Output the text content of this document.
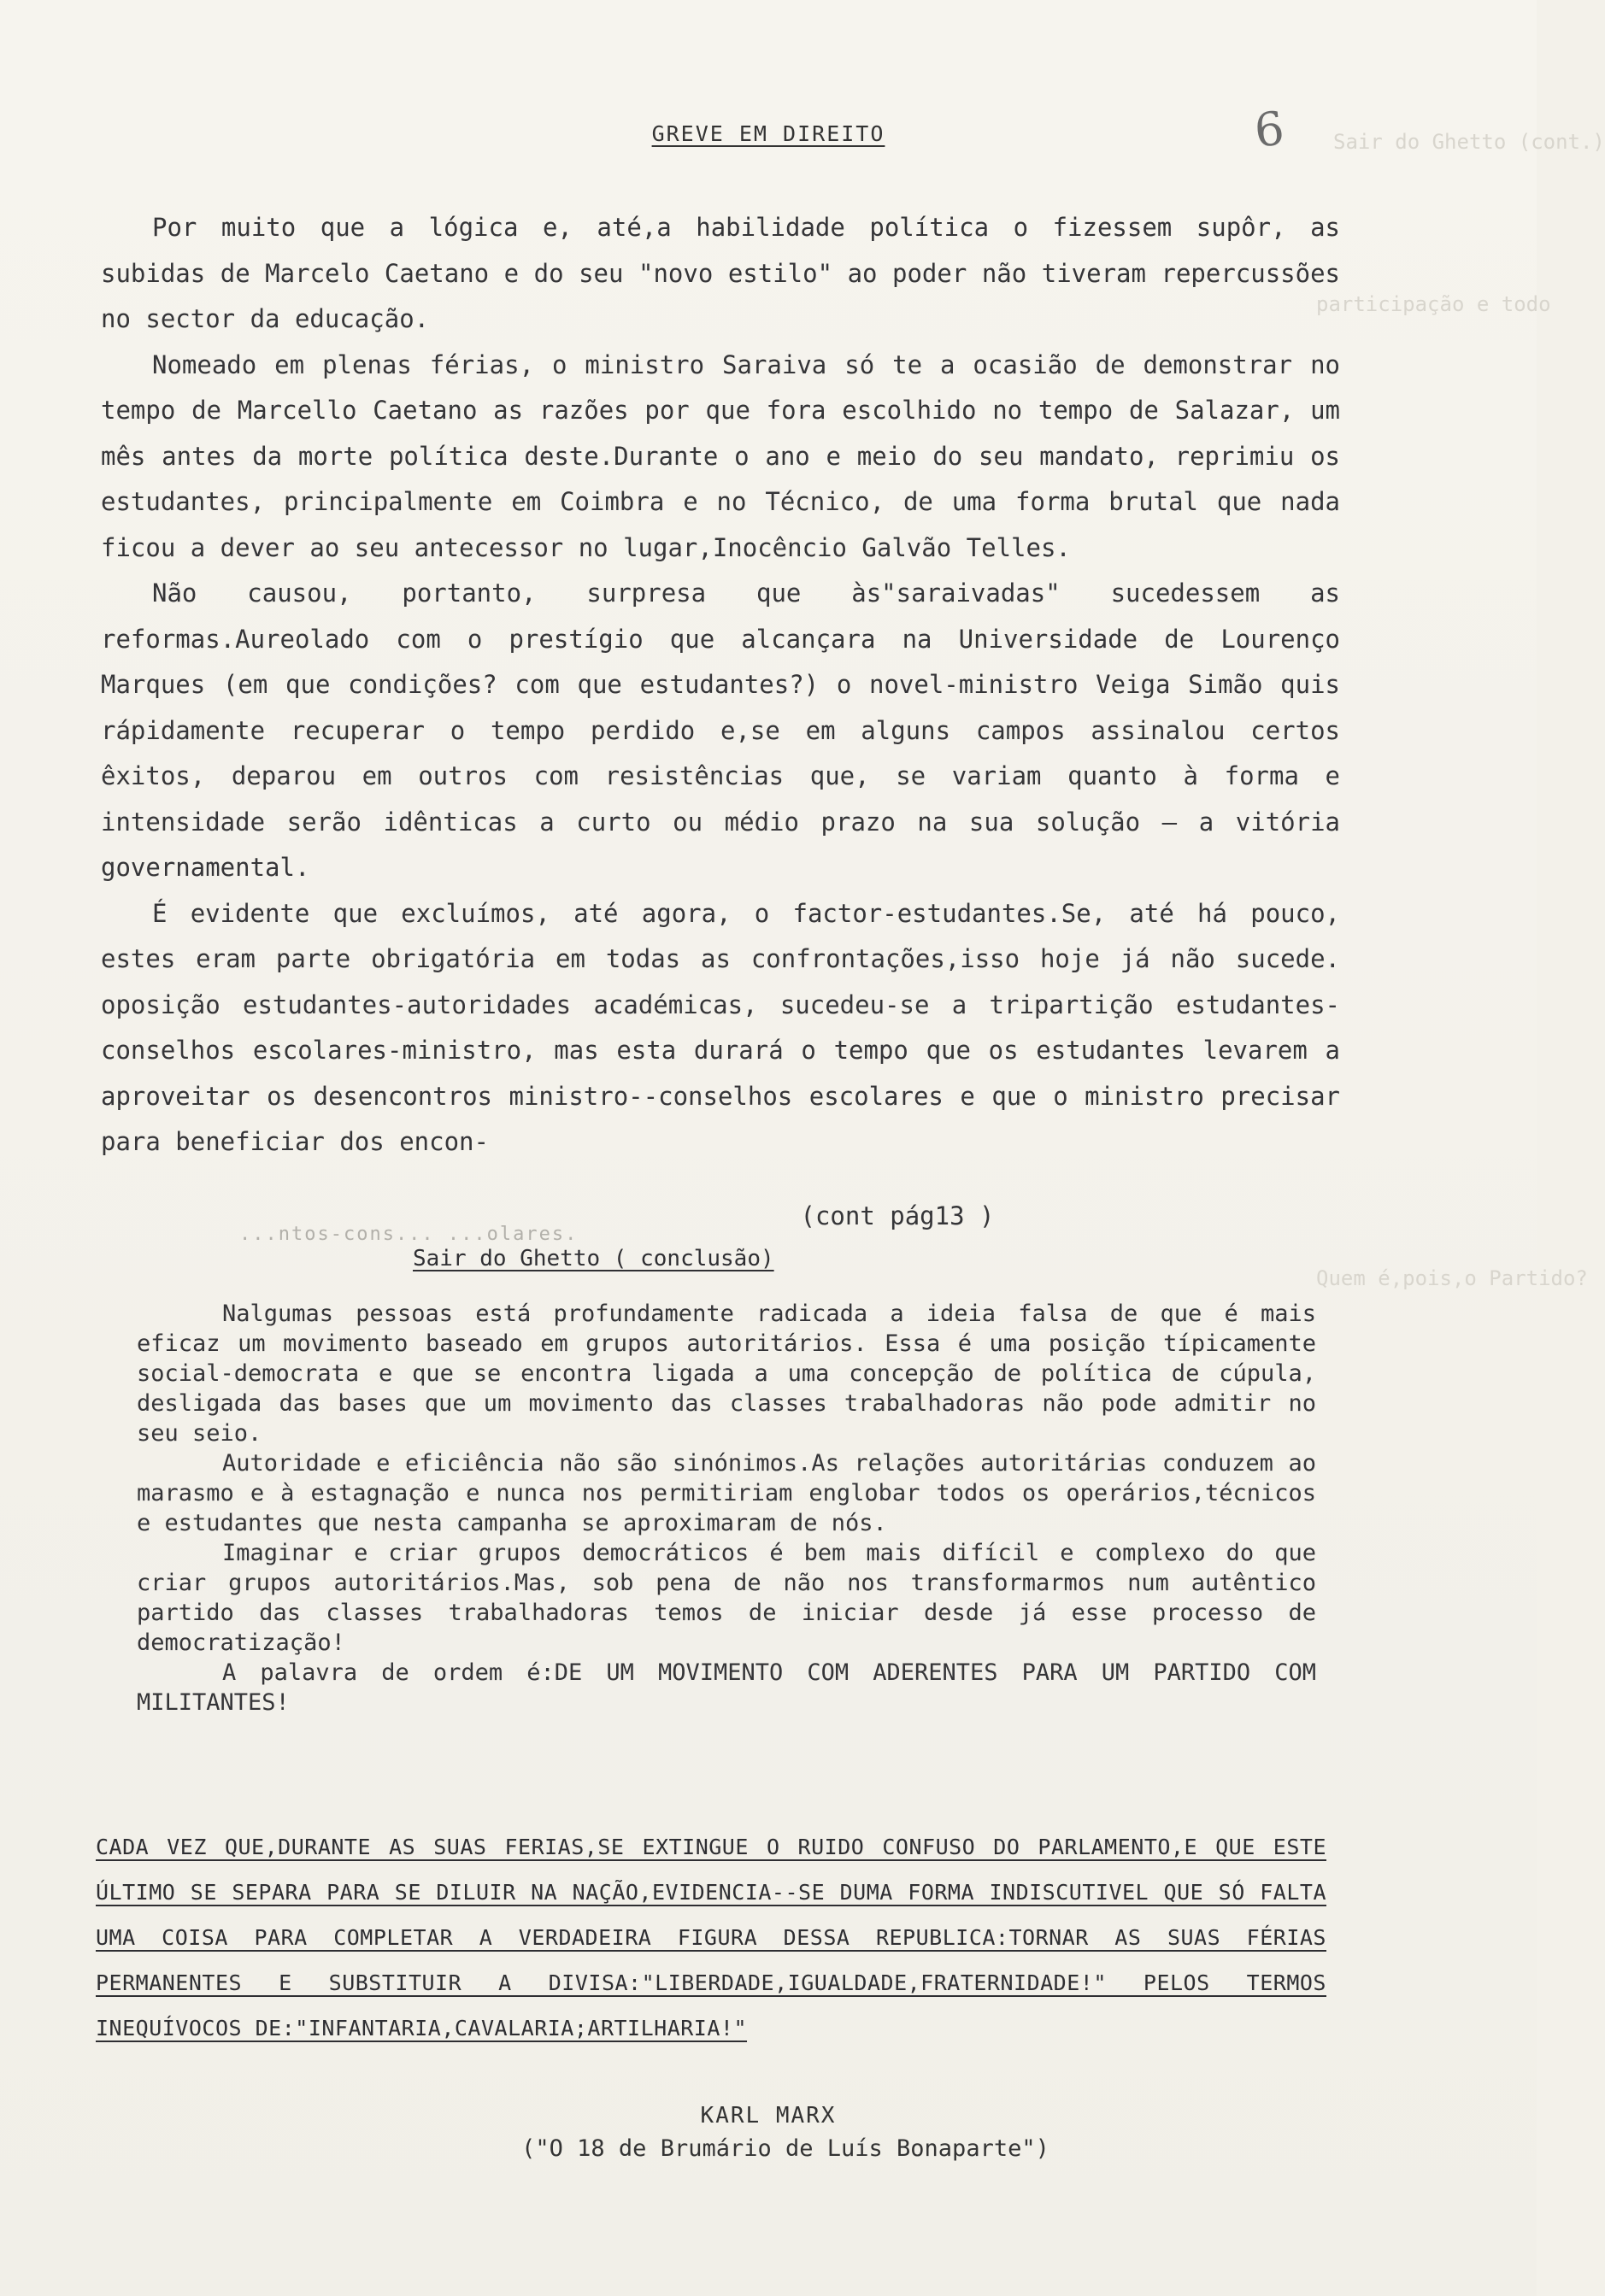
Sair do Ghetto (cont.)
participação e todo
Quem é,pois,o Partido?
6
GREVE EM DIREITO

Por muito que a lógica e, até,a habilidade política o fizessem supôr, as subidas de Marcelo Caetano e do seu "novo estilo" ao poder não tiveram repercussões no sector da educação.

Nomeado em plenas férias, o ministro Saraiva só te a ocasião de demonstrar no tempo de Marcello Caetano as razões por que fora escolhido no tempo de Salazar, um mês antes da morte política deste.Durante o ano e meio do seu mandato, reprimiu os estudantes, principalmente em Coimbra e no Técnico, de uma forma brutal que nada ficou a dever ao seu antecessor no lugar,Inocêncio Galvão Telles.

Não causou, portanto, surpresa que às"saraivadas" sucedessem as reformas.Aureolado com o prestígio que alcançara na Universidade de Lourenço Marques (em que condições? com que estudantes?) o novel-ministro Veiga Simão quis rápidamente recuperar o tempo perdido e,se em alguns campos assinalou certos êxitos, deparou em outros com resistências que, se variam quanto à forma e intensidade serão idênticas a curto ou médio prazo na sua solução — a vitória governamental.

É evidente que excluímos, até agora, o factor-estudantes.Se, até há pouco, estes eram parte obrigatória em todas as confrontações,isso hoje já não sucede. oposição estudantes-autoridades académicas, sucedeu-se a tripartição estudantes-conselhos escolares-ministro, mas esta durará o tempo que os estudantes levarem a aproveitar os desencontros ministro--conselhos escolares e que o ministro precisar para beneficiar dos encon-

(cont pág13 )
...ntos-cons... ...olares.
Sair do Ghetto ( conclusão)

Nalgumas pessoas está profundamente radicada a ideia falsa de que é mais eficaz um movimento baseado em grupos autoritários. Essa é uma posição típicamente social-democrata e que se encontra ligada a uma concepção de política de cúpula, desligada das bases que um movimento das classes trabalhadoras não pode admitir no seu seio.

Autoridade e eficiência não são sinónimos.As relações autoritárias conduzem ao marasmo e à estagnação e nunca nos permitiriam englobar todos os operários,técnicos e estudantes que nesta campanha se aproximaram de nós.

Imaginar e criar grupos democráticos é bem mais difícil e complexo do que criar grupos autoritários.Mas, sob pena de não nos transformarmos num autêntico partido das classes trabalhadoras temos de iniciar desde já esse processo de democratização!

A palavra de ordem é:DE UM MOVIMENTO COM ADERENTES PARA UM PARTIDO COM MILITANTES!

CADA VEZ QUE,DURANTE AS SUAS FERIAS,SE EXTINGUE O RUIDO CONFUSO DO PARLAMENTO,E QUE ESTE ÚLTIMO SE SEPARA PARA SE DILUIR NA NAÇÃO,EVIDENCIA--SE DUMA FORMA INDISCUTIVEL QUE SÓ FALTA UMA COISA PARA COMPLETAR A VERDADEIRA FIGURA DESSA REPUBLICA:TORNAR AS SUAS FÉRIAS PERMANENTES E SUBSTITUIR A DIVISA:"LIBERDADE,IGUALDADE,FRATERNIDADE!" PELOS TERMOS INEQUÍVOCOS DE:"INFANTARIA,CAVALARIA;ARTILHARIA!"
KARL MARX
("O 18 de Brumário de Luís Bonaparte")
